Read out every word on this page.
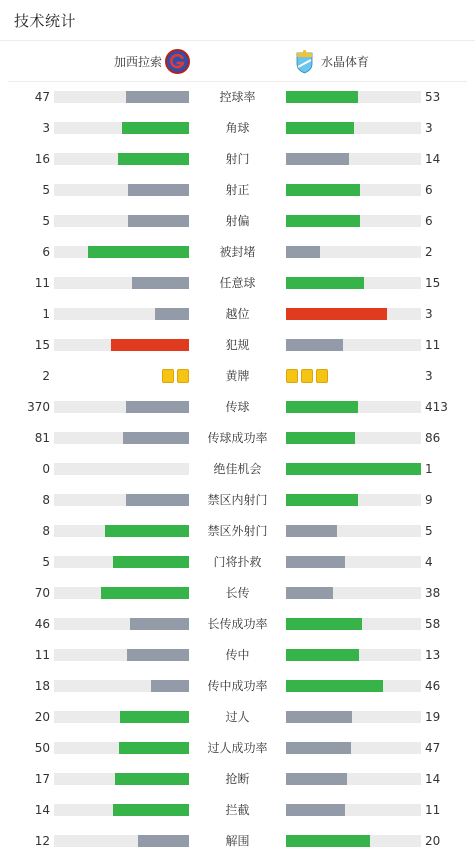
技术统计
加西拉索	水晶体育
47	控球率	53
3	角球	3
16	射门	14
5	射正	6
5	射偏	6
6	被封堵	2
11	任意球	15
1	越位	3
15	犯规	11
2	黄牌	3
370	传球	413
81	传球成功率	86
0	绝佳机会	1
8	禁区内射门	9
8	禁区外射门	5
5	门将扑救	4
70	长传	38
46	长传成功率	58
11	传中	13
18	传中成功率	46
20	过人	19
50	过人成功率	47
17	抢断	14
14	拦截	11
12	解围	20
